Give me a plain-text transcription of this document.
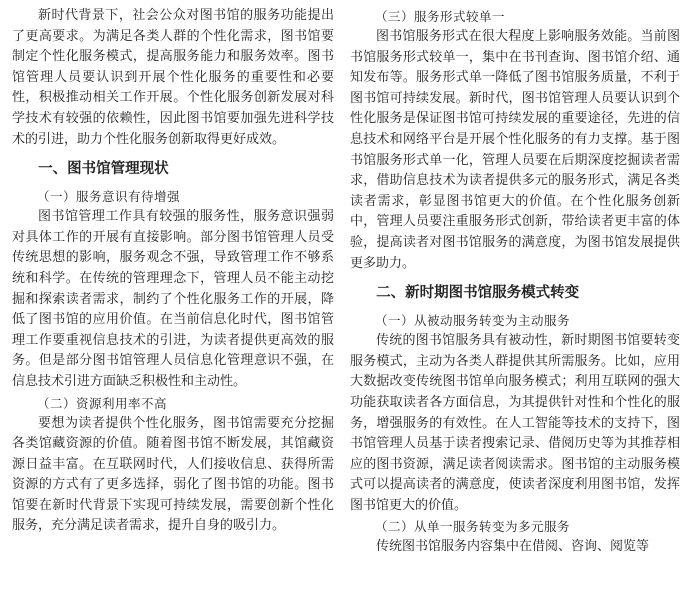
新时代背景下，社会公众对图书馆的服务功能提出了更高要求。为满足各类人群的个性化需求，图书馆要制定个性化服务模式，提高服务能力和服务效率。图书馆管理人员要认识到开展个性化服务的重要性和必要性，积极推动相关工作开展。个性化服务创新发展对科学技术有较强的依赖性，因此图书馆要加强先进科学技术的引进，助力个性化服务创新取得更好成效。

一、图书馆管理现状
（一）服务意识有待增强

图书馆管理工作具有较强的服务性，服务意识强弱对具体工作的开展有直接影响。部分图书馆管理人员受传统思想的影响，服务观念不强，导致管理工作不够系统和科学。在传统的管理理念下，管理人员不能主动挖掘和探索读者需求，制约了个性化服务工作的开展，降低了图书馆的应用价值。在当前信息化时代，图书馆管理工作要重视信息技术的引进，为读者提供更高效的服务。但是部分图书馆管理人员信息化管理意识不强，在信息技术引进方面缺乏积极性和主动性。

（二）资源利用率不高

要想为读者提供个性化服务，图书馆需要充分挖掘各类馆藏资源的价值。随着图书馆不断发展，其馆藏资源日益丰富。在互联网时代，人们接收信息、获得所需资源的方式有了更多选择，弱化了图书馆的功能。图书馆要在新时代背景下实现可持续发展，需要创新个性化服务，充分满足读者需求，提升自身的吸引力。

（三）服务形式较单一

图书馆服务形式在很大程度上影响服务效能。当前图书馆服务形式较单一，集中在书刊查询、图书馆介绍、通知发布等。服务形式单一降低了图书馆服务质量，不利于图书馆可持续发展。新时代，图书馆管理人员要认识到个性化服务是保证图书馆可持续发展的重要途径，先进的信息技术和网络平台是开展个性化服务的有力支撑。基于图书馆服务形式单一化，管理人员要在后期深度挖掘读者需求，借助信息技术为读者提供多元的服务形式，满足各类读者需求，彰显图书馆更大的价值。在个性化服务创新中，管理人员要注重服务形式创新，带给读者更丰富的体验，提高读者对图书馆服务的满意度，为图书馆发展提供更多助力。

二、新时期图书馆服务模式转变
（一）从被动服务转变为主动服务

传统的图书馆服务具有被动性，新时期图书馆要转变服务模式，主动为各类人群提供其所需服务。比如，应用大数据改变传统图书馆单向服务模式；利用互联网的强大功能获取读者各方面信息，为其提供针对性和个性化的服务，增强服务的有效性。在人工智能等技术的支持下，图书馆管理人员基于读者搜索记录、借阅历史等为其推荐相应的图书资源，满足读者阅读需求。图书馆的主动服务模式可以提高读者的满意度，使读者深度利用图书馆，发挥图书馆更大的价值。

（二）从单一服务转变为多元服务

传统图书馆服务内容集中在借阅、咨询、阅览等
